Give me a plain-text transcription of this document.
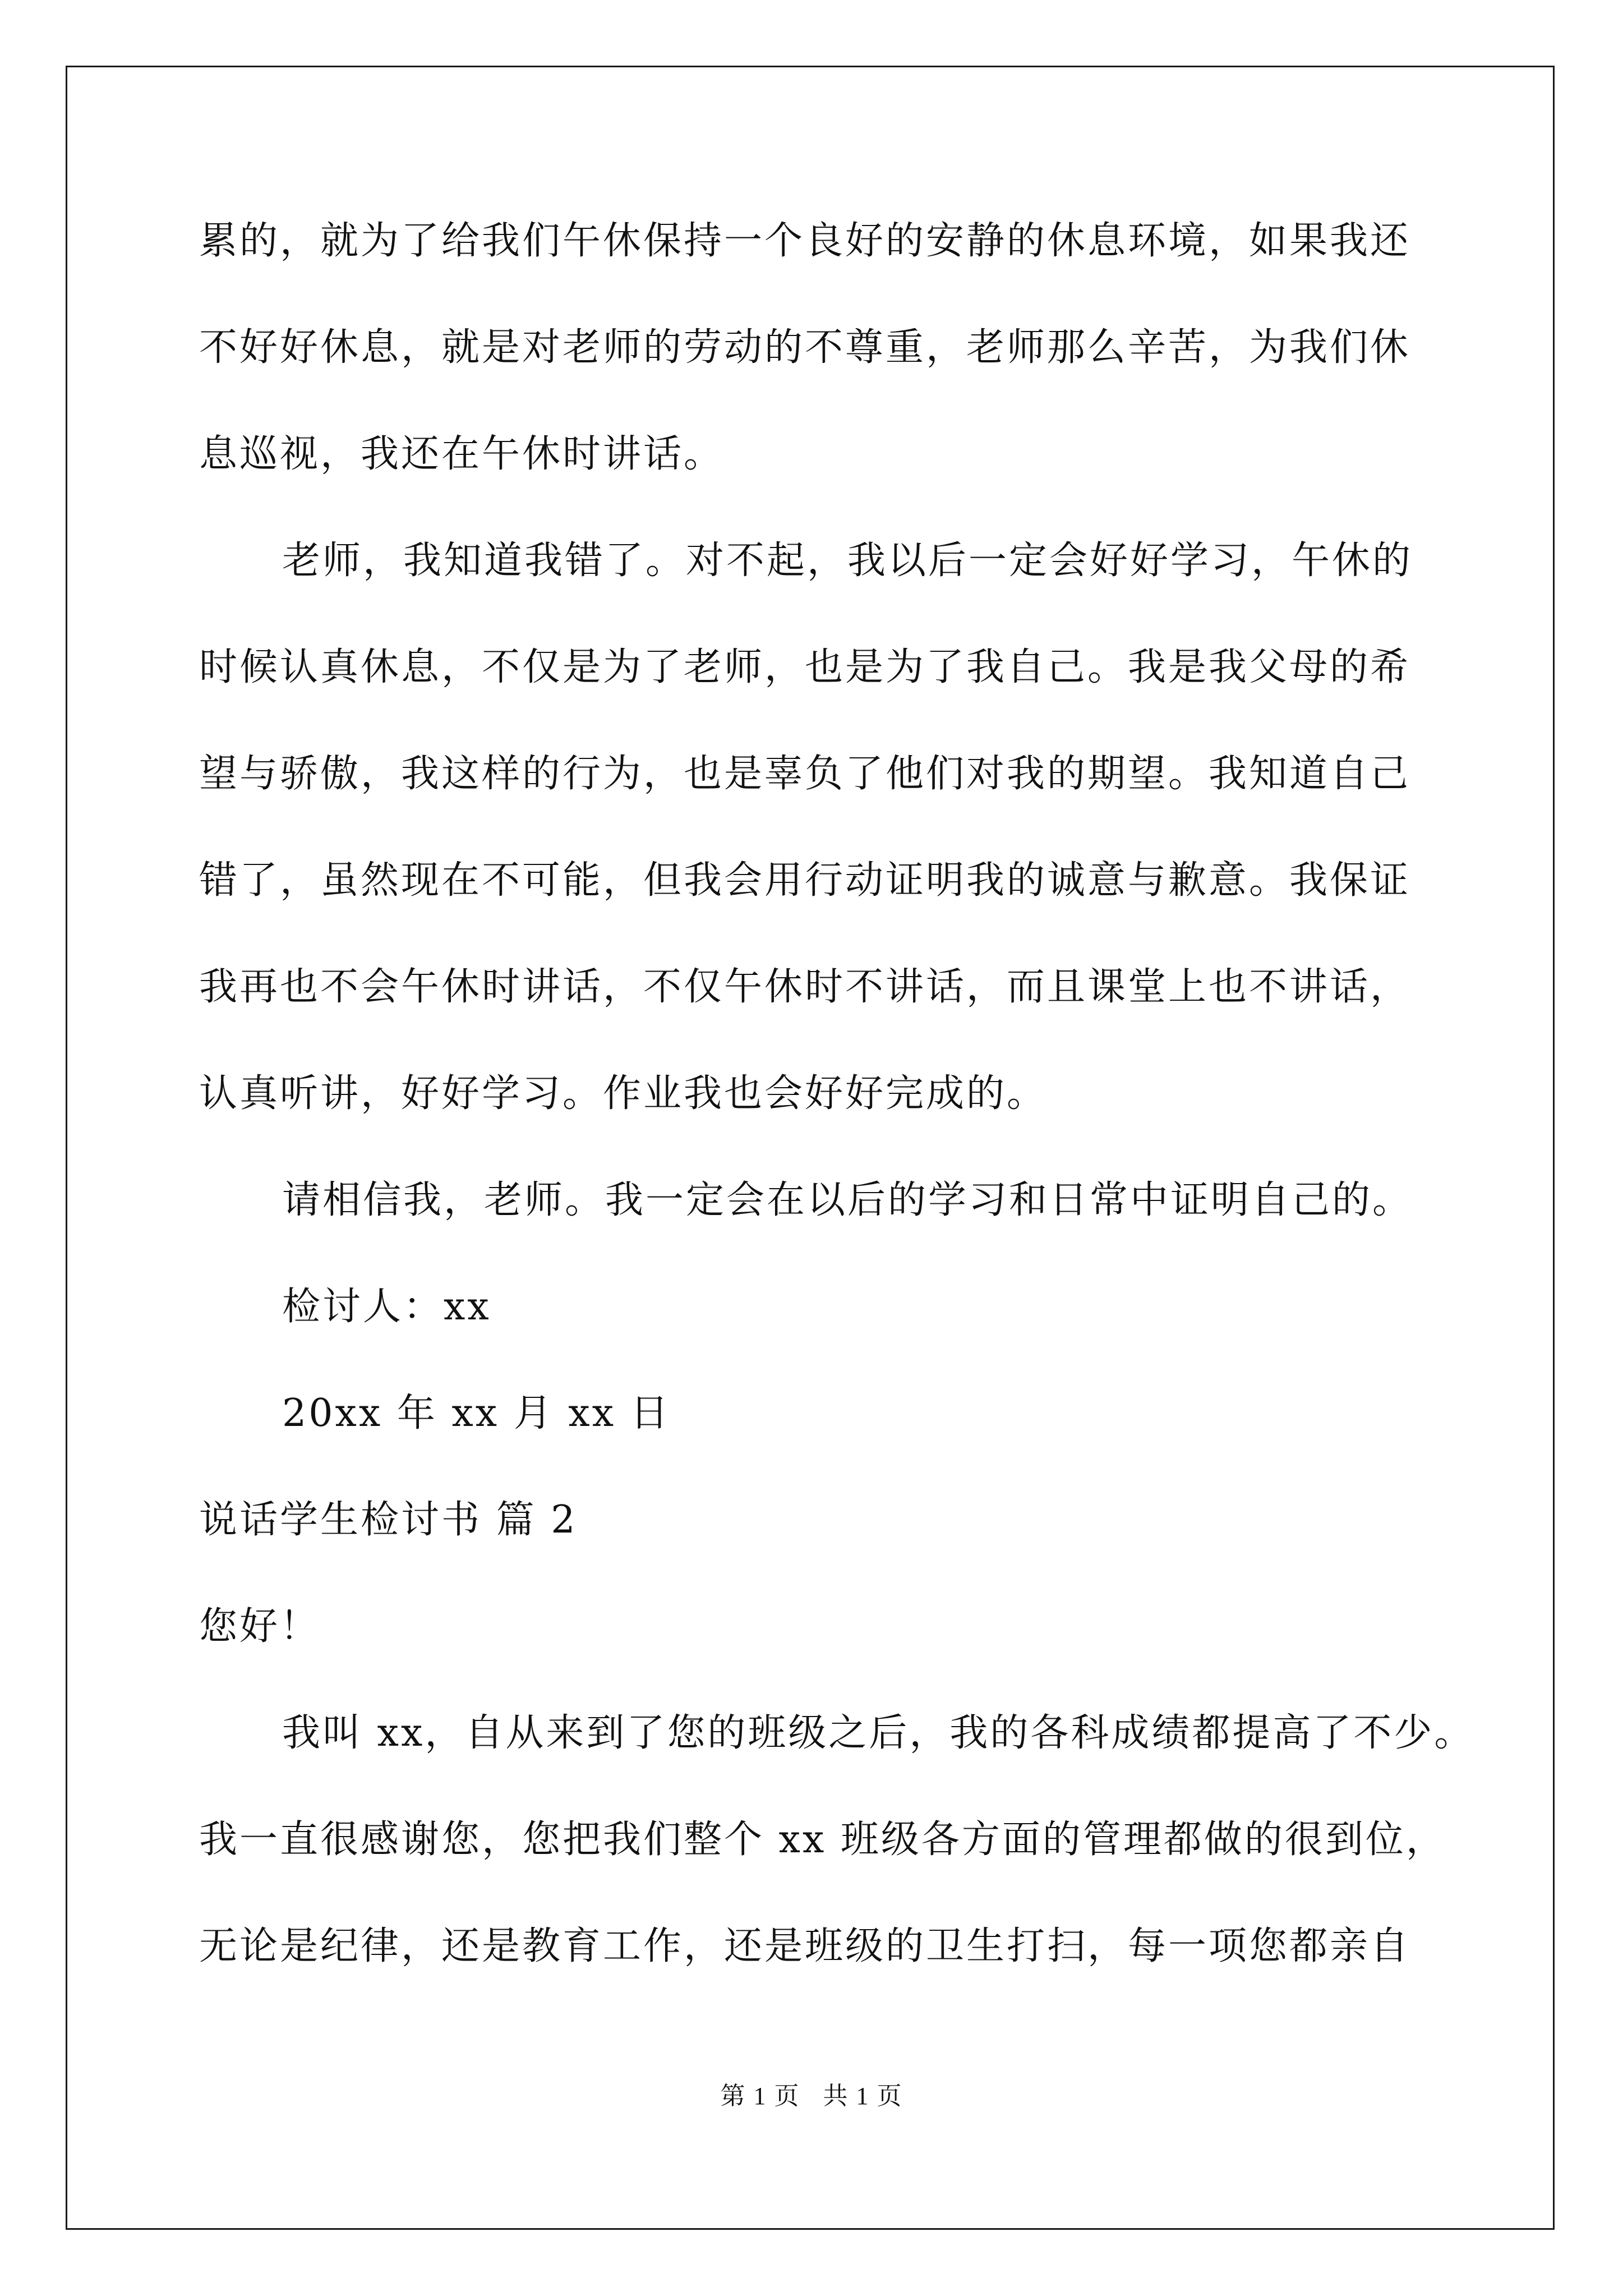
累的，就为了给我们午休保持一个良好的安静的休息环境，如果我还
不好好休息，就是对老师的劳动的不尊重，老师那么辛苦，为我们休
息巡视，我还在午休时讲话。
老师，我知道我错了。对不起，我以后一定会好好学习，午休的
时候认真休息，不仅是为了老师，也是为了我自己。我是我父母的希
望与骄傲，我这样的行为，也是辜负了他们对我的期望。我知道自己
错了，虽然现在不可能，但我会用行动证明我的诚意与歉意。我保证
我再也不会午休时讲话，不仅午休时不讲话，而且课堂上也不讲话，
认真听讲，好好学习。作业我也会好好完成的。
请相信我，老师。我一定会在以后的学习和日常中证明自己的。
检讨人：xx
20xx 年 xx 月 xx 日
说话学生检讨书 篇 2
您好！
我叫 xx，自从来到了您的班级之后，我的各科成绩都提高了不少。
我一直很感谢您，您把我们整个 xx 班级各方面的管理都做的很到位，
无论是纪律，还是教育工作，还是班级的卫生打扫，每一项您都亲自
第 1 页 共 1 页
